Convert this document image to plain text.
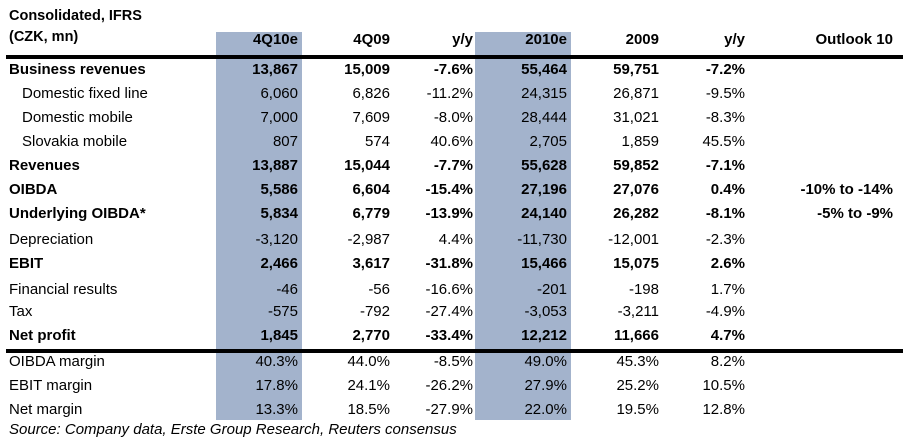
Consolidated, IFRS
(CZK, mn)	4Q10e	4Q09	y/y	2010e	2009	y/y	Outlook 10
Business revenues	13,867	15,009	-7.6%	55,464	59,751	-7.2%
Domestic fixed line	6,060	6,826	-11.2%	24,315	26,871	-9.5%
Domestic mobile	7,000	7,609	-8.0%	28,444	31,021	-8.3%
Slovakia mobile	807	574	40.6%	2,705	1,859	45.5%
Revenues	13,887	15,044	-7.7%	55,628	59,852	-7.1%
OIBDA	5,586	6,604	-15.4%	27,196	27,076	0.4%	-10% to -14%
Underlying OIBDA*	5,834	6,779	-13.9%	24,140	26,282	-8.1%	-5% to -9%
Depreciation	-3,120	-2,987	4.4%	-11,730	-12,001	-2.3%
EBIT	2,466	3,617	-31.8%	15,466	15,075	2.6%
Financial results	-46	-56	-16.6%	-201	-198	1.7%
Tax	-575	-792	-27.4%	-3,053	-3,211	-4.9%
Net profit	1,845	2,770	-33.4%	12,212	11,666	4.7%
OIBDA margin	40.3%	44.0%	-8.5%	49.0%	45.3%	8.2%
EBIT margin	17.8%	24.1%	-26.2%	27.9%	25.2%	10.5%
Net margin	13.3%	18.5%	-27.9%	22.0%	19.5%	12.8%
Source: Company data, Erste Group Research, Reuters consensus
